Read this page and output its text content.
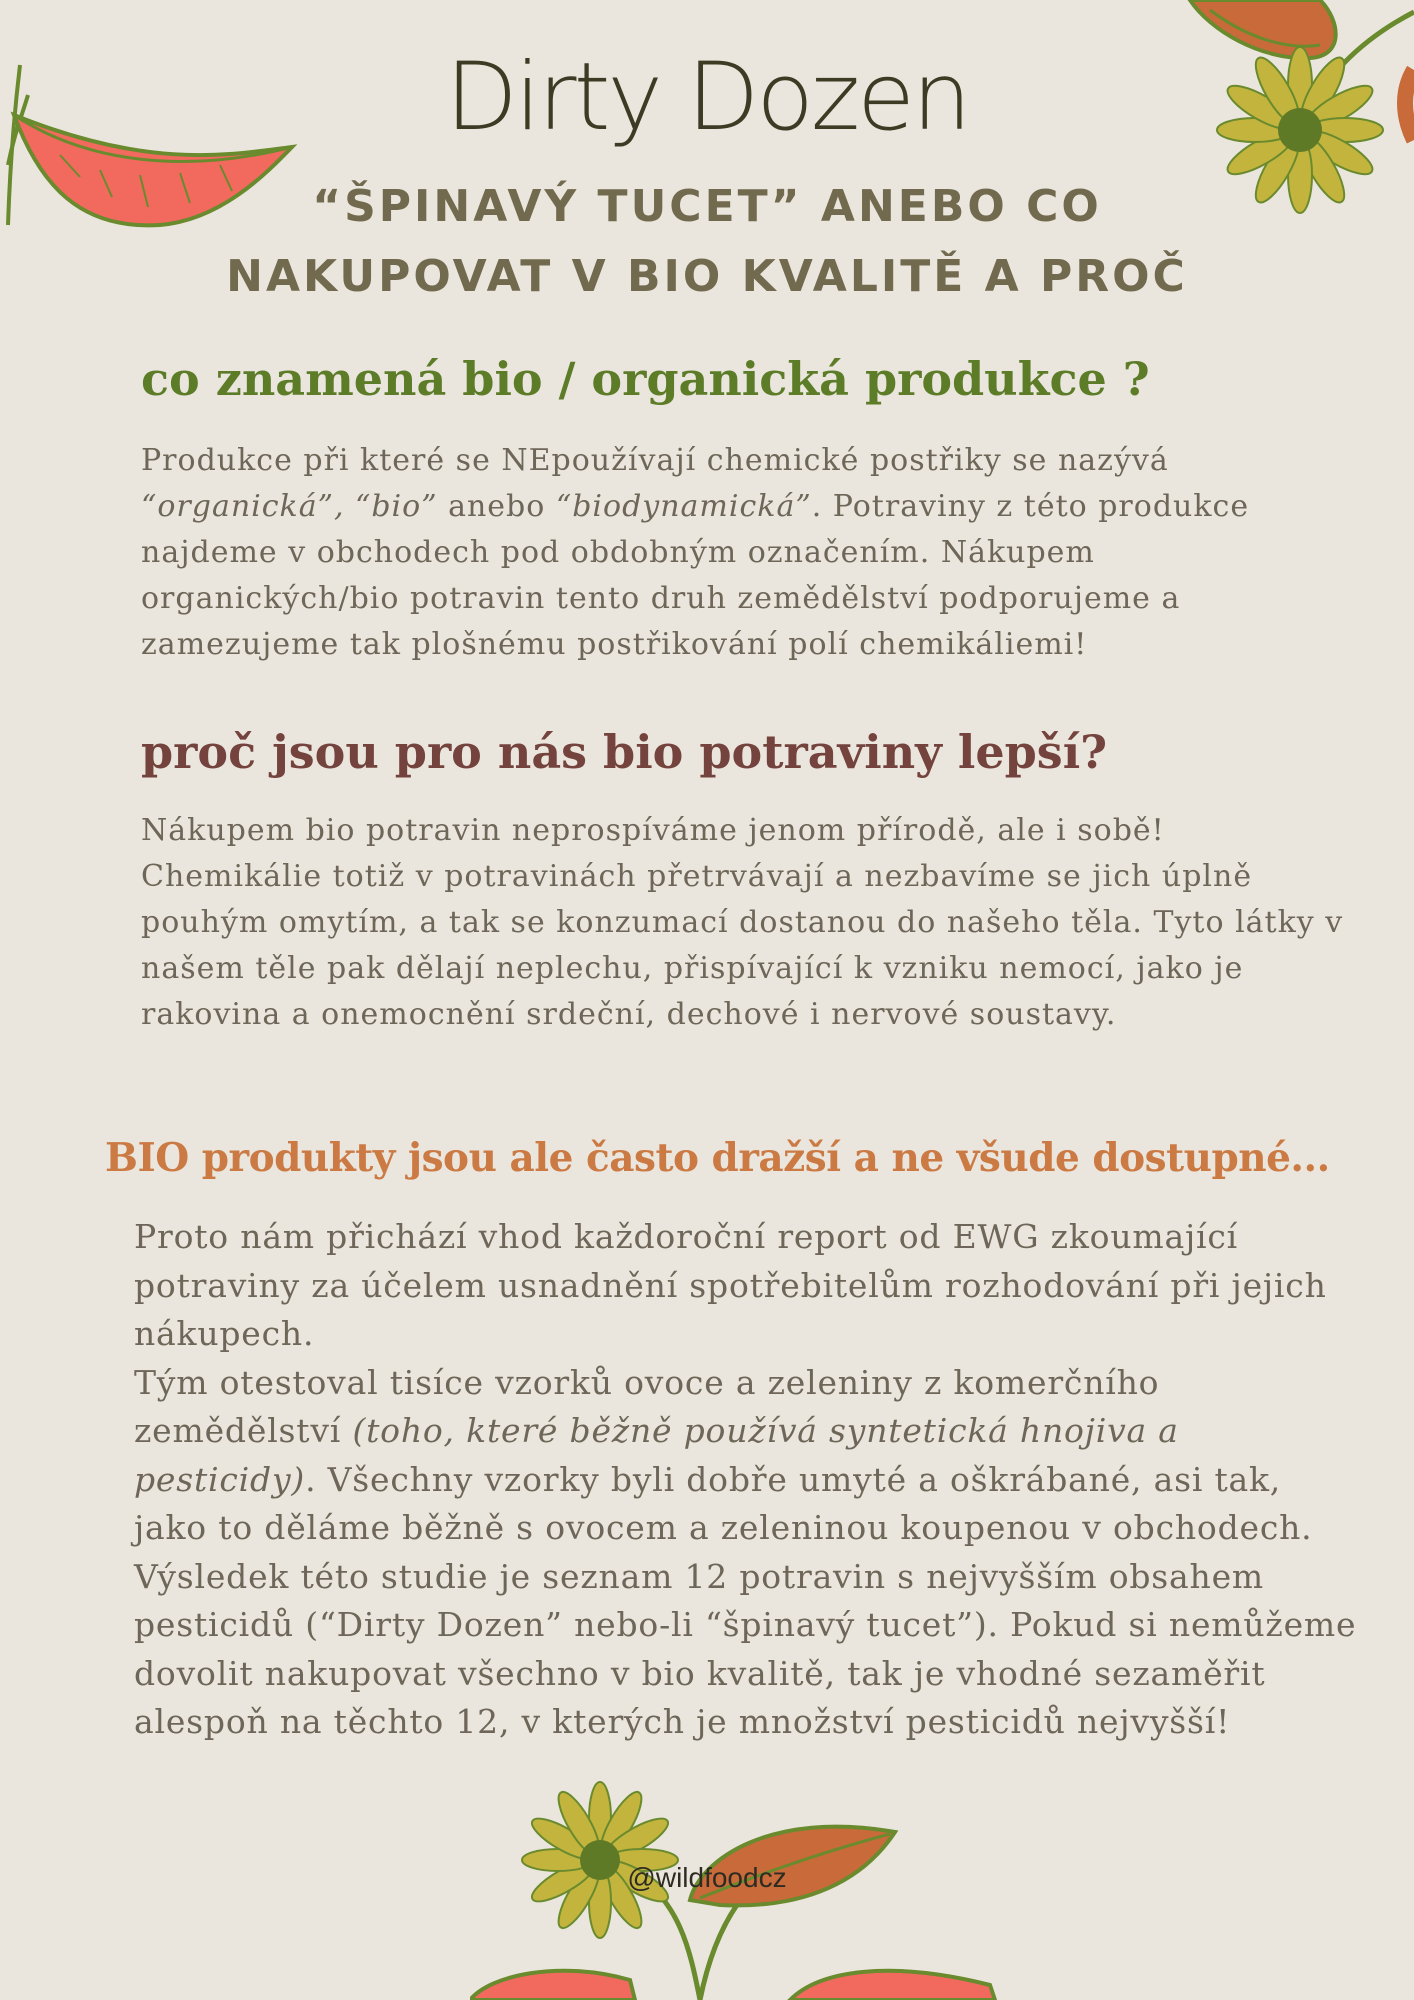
Dirty Dozen
“ŠPINAVÝ TUCET” ANEBO CO
NAKUPOVAT V BIO KVALITĚ A PROČ
co znamená bio / organická produkce ?

Produkce při které se NEpoužívají chemické postřiky se nazývá “organická”, “bio” anebo “biodynamická”. Potraviny z této produkce najdeme v obchodech pod obdobným označením. Nákupem organických/bio potravin tento druh zemědělství podporujeme a zamezujeme tak plošnému postřikování polí chemikáliemi!

proč jsou pro nás bio potraviny lepší?

Nákupem bio potravin neprospíváme jenom přírodě, ale i sobě! Chemikálie totiž v potravinách přetrvávají a nezbavíme se jich úplně pouhým omytím, a tak se konzumací dostanou do našeho těla. Tyto látky v našem těle pak dělají neplechu, přispívající k vzniku nemocí, jako je rakovina a onemocnění srdeční, dechové i nervové soustavy.

BIO produkty jsou ale často dražší a ne všude dostupné...

Proto nám přichází vhod každoroční report od EWG zkoumající potraviny za účelem usnadnění spotřebitelům rozhodování při jejich nákupech.
Tým otestoval tisíce vzorků ovoce a zeleniny z komerčního zemědělství (toho, které běžně používá syntetická hnojiva a pesticidy). Všechny vzorky byli dobře umyté a oškrábané, asi tak, jako to děláme běžně s ovocem a zeleninou koupenou v obchodech. Výsledek této studie je seznam 12 potravin s nejvyšším obsahem pesticidů (“Dirty Dozen” nebo-li “špinavý tucet”). Pokud si nemůžeme dovolit nakupovat všechno v bio kvalitě, tak je vhodné sezaměřit alespoň na těchto 12, v kterých je množství pesticidů nejvyšší!

@wildfoodcz
